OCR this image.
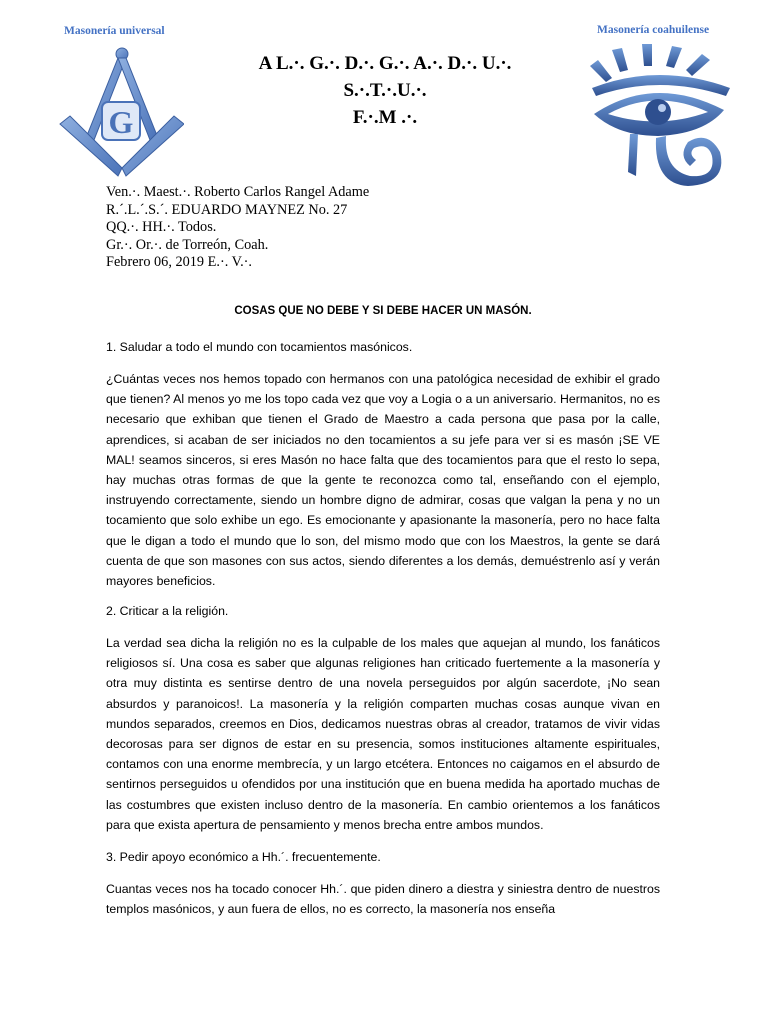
Masonería universal	Masonería coahuilense
G
A L.·. G.·. D.·. G.·. A.·. D.·. U.·.
S.·.T.·.U.·.
F.·.M .·.
Ven.·. Maest.·. Roberto Carlos Rangel Adame
R.´.L.´.S.´. EDUARDO MAYNEZ No. 27
QQ.·. HH.·. Todos.
Gr.·. Or.·. de Torreón, Coah.
Febrero 06, 2019 E.·. V.·.
COSAS QUE NO DEBE Y SI DEBE HACER UN MASÓN.
1. Saludar a todo el mundo con tocamientos masónicos.
¿Cuántas veces nos hemos topado con hermanos con una patológica necesidad de exhibir el grado que tienen? Al menos yo me los topo cada vez que voy a Logia o a un aniversario. Hermanitos, no es necesario que exhiban que tienen el Grado de Maestro a cada persona que pasa por la calle, aprendices, si acaban de ser iniciados no den tocamientos a su jefe para ver si es masón ¡SE VE MAL! seamos sinceros, si eres Masón no hace falta que des tocamientos para que el resto lo sepa, hay muchas otras formas de que la gente te reconozca como tal, enseñando con el ejemplo, instruyendo correctamente, siendo un hombre digno de admirar, cosas que valgan la pena y no un tocamiento que solo exhibe un ego. Es emocionante y apasionante la masonería, pero no hace falta que le digan a todo el mundo que lo son, del mismo modo que con los Maestros, la gente se dará cuenta de que son masones con sus actos, siendo diferentes a los demás, demuéstrenlo así y verán mayores beneficios.
2. Criticar a la religión.
La verdad sea dicha la religión no es la culpable de los males que aquejan al mundo, los fanáticos religiosos sí. Una cosa es saber que algunas religiones han criticado fuertemente a la masonería y otra muy distinta es sentirse dentro de una novela perseguidos por algún sacerdote, ¡No sean absurdos y paranoicos!. La masonería y la religión comparten muchas cosas aunque vivan en mundos separados, creemos en Dios, dedicamos nuestras obras al creador, tratamos de vivir vidas decorosas para ser dignos de estar en su presencia, somos instituciones altamente espirituales, contamos con una enorme membrecía, y un largo etcétera. Entonces no caigamos en el absurdo de sentirnos perseguidos u ofendidos por una institución que en buena medida ha aportado muchas de las costumbres que existen incluso dentro de la masonería. En cambio orientemos a los fanáticos para que exista apertura de pensamiento y menos brecha entre ambos mundos.
3. Pedir apoyo económico a Hh.´. frecuentemente.
Cuantas veces nos ha tocado conocer Hh.´. que piden dinero a diestra y siniestra dentro de nuestros templos masónicos, y aun fuera de ellos, no es correcto, la masonería nos enseña
